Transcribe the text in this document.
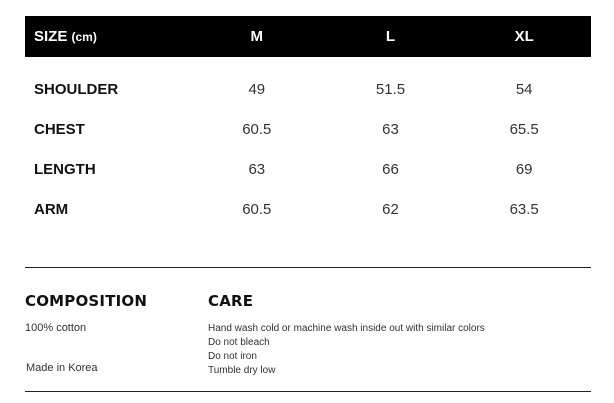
SIZE (cm)	M	L	XL
SHOULDER	49	51.5	54
CHEST	60.5	63	65.5
LENGTH	63	66	69
ARM	60.5	62	63.5
COMPOSITION
100% cotton
Made in Korea
CARE
Hand wash cold or machine wash inside out with similar colors
Do not bleach
Do not iron
Tumble dry low
